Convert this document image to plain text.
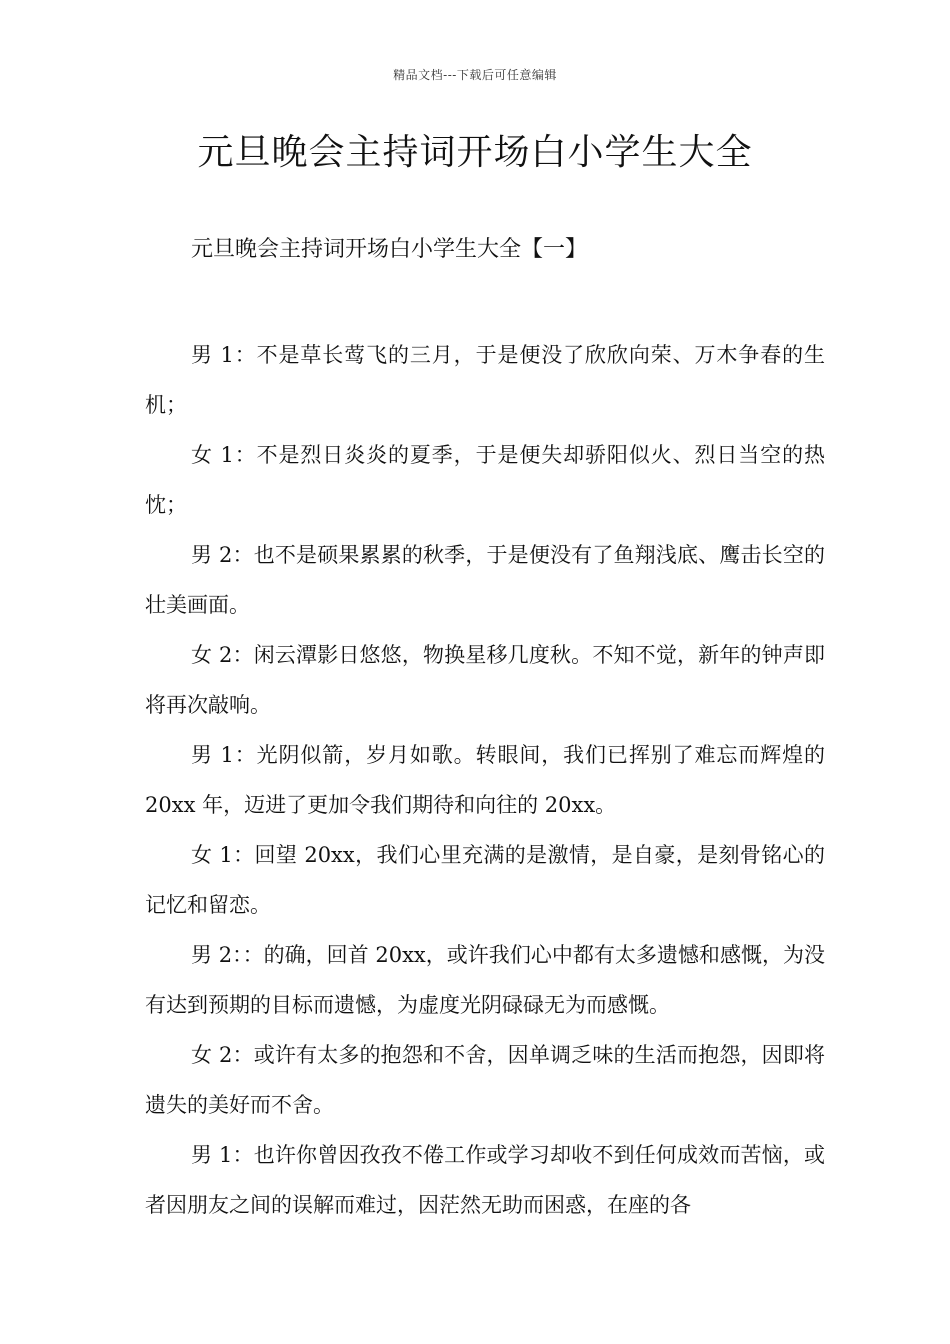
精品文档---下载后可任意编辑
元旦晚会主持词开场白小学生大全
元旦晚会主持词开场白小学生大全【一】

男 1：不是草长莺飞的三月，于是便没了欣欣向荣、万木争春的生机；

女 1：不是烈日炎炎的夏季，于是便失却骄阳似火、烈日当空的热忱；

男 2：也不是硕果累累的秋季，于是便没有了鱼翔浅底、鹰击长空的壮美画面。

女 2：闲云潭影日悠悠，物换星移几度秋。不知不觉，新年的钟声即将再次敲响。

男 1：光阴似箭，岁月如歌。转眼间，我们已挥别了难忘而辉煌的 20xx 年，迈进了更加令我们期待和向往的 20xx。

女 1：回望 20xx，我们心里充满的是激情，是自豪，是刻骨铭心的记忆和留恋。

男 2：：的确，回首 20xx，或许我们心中都有太多遗憾和感慨，为没有达到预期的目标而遗憾，为虚度光阴碌碌无为而感慨。

女 2：或许有太多的抱怨和不舍，因单调乏味的生活而抱怨，因即将遗失的美好而不舍。

男 1：也许你曾因孜孜不倦工作或学习却收不到任何成效而苦恼，或者因朋友之间的误解而难过，因茫然无助而困惑，在座的各
